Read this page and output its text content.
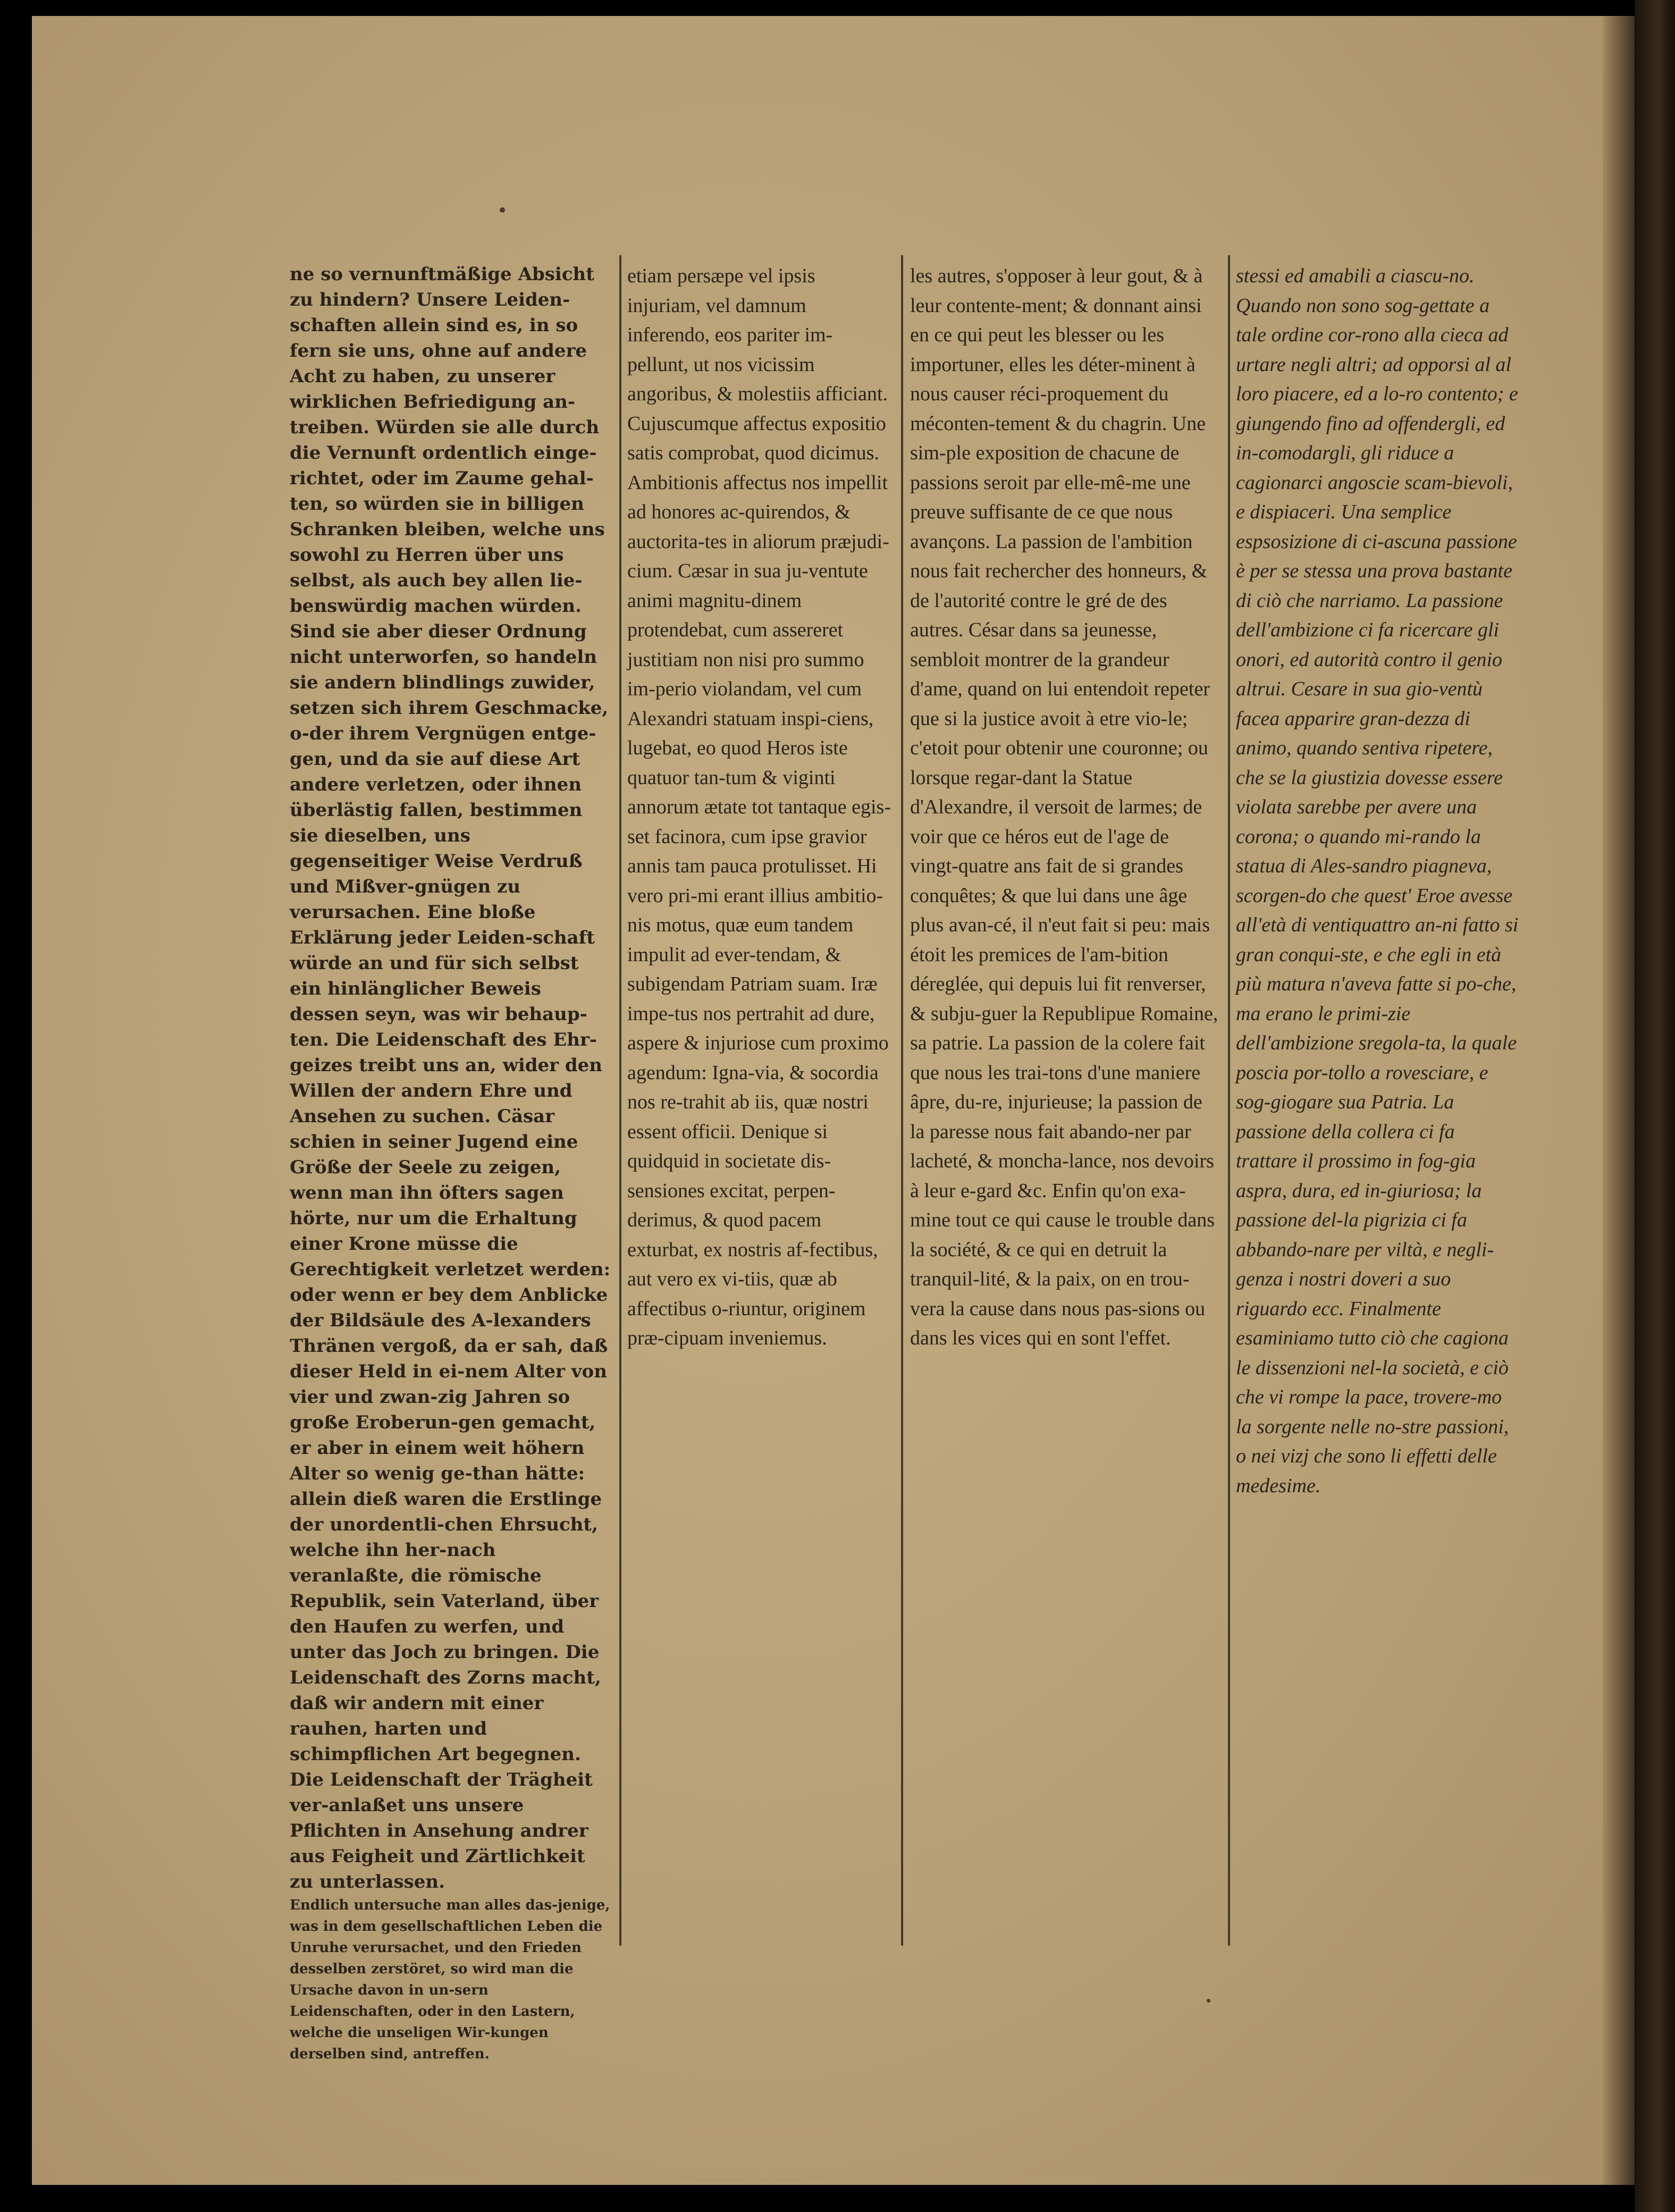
ne so vernunftmäßige Absicht zu hindern? Unsere Leiden-schaften allein sind es, in so fern sie uns, ohne auf andere Acht zu haben, zu unserer wirklichen Befriedigung an-treiben. Würden sie alle durch die Vernunft ordentlich einge-richtet, oder im Zaume gehal-ten, so würden sie in billigen Schranken bleiben, welche uns sowohl zu Herren über uns selbst, als auch bey allen lie-benswürdig machen würden. Sind sie aber dieser Ordnung nicht unterworfen, so handeln sie andern blindlings zuwider, setzen sich ihrem Geschmacke, o-der ihrem Vergnügen entge-gen, und da sie auf diese Art andere verletzen, oder ihnen überlästig fallen, bestimmen sie dieselben, uns gegenseitiger Weise Verdruß und Mißver-gnügen zu verursachen. Eine bloße Erklärung jeder Leiden-schaft würde an und für sich selbst ein hinlänglicher Beweis dessen seyn, was wir behaup-ten. Die Leidenschaft des Ehr-geizes treibt uns an, wider den Willen der andern Ehre und Ansehen zu suchen. Cäsar schien in seiner Jugend eine Größe der Seele zu zeigen, wenn man ihn öfters sagen hörte, nur um die Erhaltung einer Krone müsse die Gerechtigkeit verletzet werden: oder wenn er bey dem Anblicke der Bildsäule des A-lexanders Thränen vergoß, da er sah, daß dieser Held in ei-nem Alter von vier und zwan-zig Jahren so große Eroberun-gen gemacht, er aber in einem weit höhern Alter so wenig ge-than hätte: allein dieß waren die Erstlinge der unordentli-chen Ehrsucht, welche ihn her-nach veranlaßte, die römische Republik, sein Vaterland, über den Haufen zu werfen, und unter das Joch zu bringen. Die Leidenschaft des Zorns macht, daß wir andern mit einer rauhen, harten und schimpflichen Art begegnen. Die Leidenschaft der Trägheit ver-anlaßet uns unsere Pflichten in Ansehung andrer aus Feigheit und Zärtlichkeit zu unterlassen.

Endlich untersuche man alles das-jenige, was in dem gesellschaftlichen Leben die Unruhe verursachet, und den Frieden desselben zerstöret, so wird man die Ursache davon in un-sern Leidenschaften, oder in den Lastern, welche die unseligen Wir-kungen derselben sind, antreffen.

etiam persæpe vel ipsis injuriam, vel damnum inferendo, eos pariter im-pellunt, ut nos vicissim angoribus, & molestiis afficiant. Cujuscumque affectus expositio satis comprobat, quod dicimus. Ambitionis affectus nos impellit ad honores ac-quirendos, & auctorita-tes in aliorum præjudi-cium. Cæsar in sua ju-ventute animi magnitu-dinem protendebat, cum assereret justitiam non nisi pro summo im-perio violandam, vel cum Alexandri statuam inspi-ciens, lugebat, eo quod Heros iste quatuor tan-tum & viginti annorum ætate tot tantaque egis-set facinora, cum ipse gravior annis tam pauca protulisset. Hi vero pri-mi erant illius ambitio-nis motus, quæ eum tandem impulit ad ever-tendam, & subigendam Patriam suam. Iræ impe-tus nos pertrahit ad dure, aspere & injuriose cum proximo agendum: Igna-via, & socordia nos re-trahit ab iis, quæ nostri essent officii. Denique si quidquid in societate dis-sensiones excitat, perpen-derimus, & quod pacem exturbat, ex nostris af-fectibus, aut vero ex vi-tiis, quæ ab affectibus o-riuntur, originem præ-cipuam inveniemus.

les autres, s'opposer à leur gout, & à leur contente-ment; & donnant ainsi en ce qui peut les blesser ou les importuner, elles les déter-minent à nous causer réci-proquement du méconten-tement & du chagrin. Une sim-ple exposition de chacune de passions seroit par elle-mê-me une preuve suffisante de ce que nous avançons. La passion de l'ambition nous fait rechercher des honneurs, & de l'autorité contre le gré de des autres. César dans sa jeunesse, sembloit montrer de la grandeur d'ame, quand on lui entendoit repeter que si la justice avoit à etre vio-le; c'etoit pour obtenir une couronne; ou lorsque regar-dant la Statue d'Alexandre, il versoit de larmes; de voir que ce héros eut de l'age de vingt-quatre ans fait de si grandes conquêtes; & que lui dans une âge plus avan-cé, il n'eut fait si peu: mais étoit les premices de l'am-bition déreglée, qui depuis lui fit renverser, & subju-guer la Republipue Romaine, sa patrie. La passion de la colere fait que nous les trai-tons d'une maniere âpre, du-re, injurieuse; la passion de la paresse nous fait abando-ner par lacheté, & moncha-lance, nos devoirs à leur e-gard &c. Enfin qu'on exa-mine tout ce qui cause le trouble dans la société, & ce qui en detruit la tranquil-lité, & la paix, on en trou-vera la cause dans nous pas-sions ou dans les vices qui en sont l'effet.

stessi ed amabili a ciascu-no. Quando non sono sog-gettate a tale ordine cor-rono alla cieca ad urtare negli altri; ad opporsi al al loro piacere, ed a lo-ro contento; e giungendo fino ad offendergli, ed in-comodargli, gli riduce a cagionarci angoscie scam-bievoli, e dispiaceri. Una semplice espsosizione di ci-ascuna passione è per se stessa una prova bastante di ciò che narriamo. La passione dell'ambizione ci fa ricercare gli onori, ed autorità contro il genio altrui. Cesare in sua gio-ventù facea apparire gran-dezza di animo, quando sentiva ripetere, che se la giustizia dovesse essere violata sarebbe per avere una corona; o quando mi-rando la statua di Ales-sandro piagneva, scorgen-do che quest' Eroe avesse all'età di ventiquattro an-ni fatto si gran conqui-ste, e che egli in età più matura n'aveva fatte si po-che, ma erano le primi-zie dell'ambizione sregola-ta, la quale poscia por-tollo a rovesciare, e sog-giogare sua Patria. La passione della collera ci fa trattare il prossimo in fog-gia aspra, dura, ed in-giuriosa; la passione del-la pigrizia ci fa abbando-nare per viltà, e negli-genza i nostri doveri a suo riguardo ecc. Finalmente esaminiamo tutto ciò che cagiona le dissenzioni nel-la società, e ciò che vi rompe la pace, trovere-mo la sorgente nelle no-stre passioni, o nei vizj che sono li effetti delle medesime.
